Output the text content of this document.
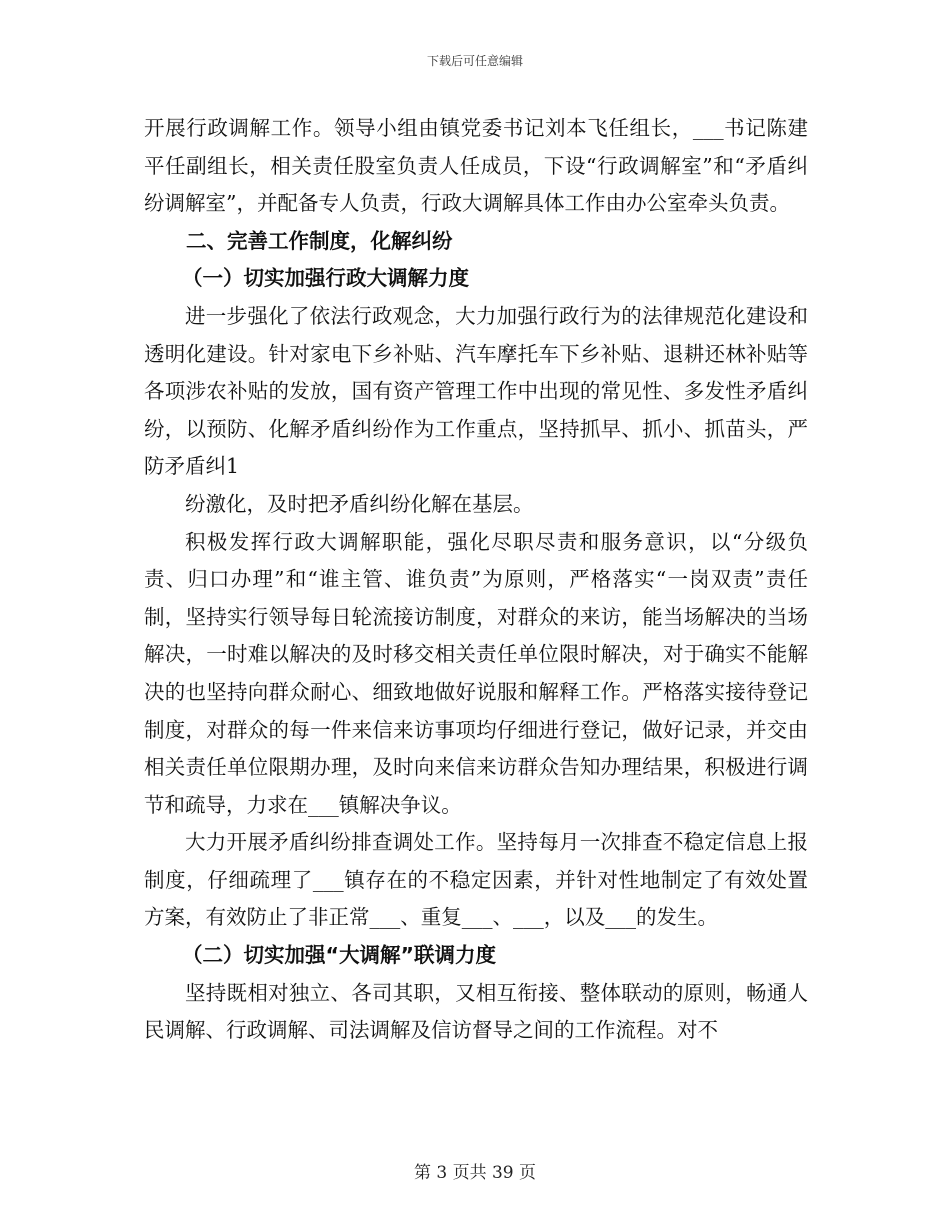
下载后可任意编辑

开展行政调解工作。领导小组由镇党委书记刘本飞任组长，___书记陈建平任副组长，相关责任股室负责人任成员，下设“行政调解室”和“矛盾纠纷调解室”，并配备专人负责，行政大调解具体工作由办公室牵头负责。

二、完善工作制度，化解纠纷

（一）切实加强行政大调解力度

进一步强化了依法行政观念，大力加强行政行为的法律规范化建设和透明化建设。针对家电下乡补贴、汽车摩托车下乡补贴、退耕还林补贴等各项涉农补贴的发放，国有资产管理工作中出现的常见性、多发性矛盾纠纷，以预防、化解矛盾纠纷作为工作重点，坚持抓早、抓小、抓苗头，严防矛盾纠1

纷激化，及时把矛盾纠纷化解在基层。

积极发挥行政大调解职能，强化尽职尽责和服务意识，以“分级负责、归口办理”和“谁主管、谁负责”为原则，严格落实“一岗双责”责任制，坚持实行领导每日轮流接访制度，对群众的来访，能当场解决的当场解决，一时难以解决的及时移交相关责任单位限时解决，对于确实不能解决的也坚持向群众耐心、细致地做好说服和解释工作。严格落实接待登记制度，对群众的每一件来信来访事项均仔细进行登记，做好记录，并交由相关责任单位限期办理，及时向来信来访群众告知办理结果，积极进行调节和疏导，力求在___镇解决争议。

大力开展矛盾纠纷排查调处工作。坚持每月一次排查不稳定信息上报制度，仔细疏理了___镇存在的不稳定因素，并针对性地制定了有效处置方案，有效防止了非正常___、重复___、___，以及___的发生。

（二）切实加强“大调解”联调力度

坚持既相对独立、各司其职，又相互衔接、整体联动的原则，畅通人民调解、行政调解、司法调解及信访督导之间的工作流程。对不

第 3 页共 39 页
